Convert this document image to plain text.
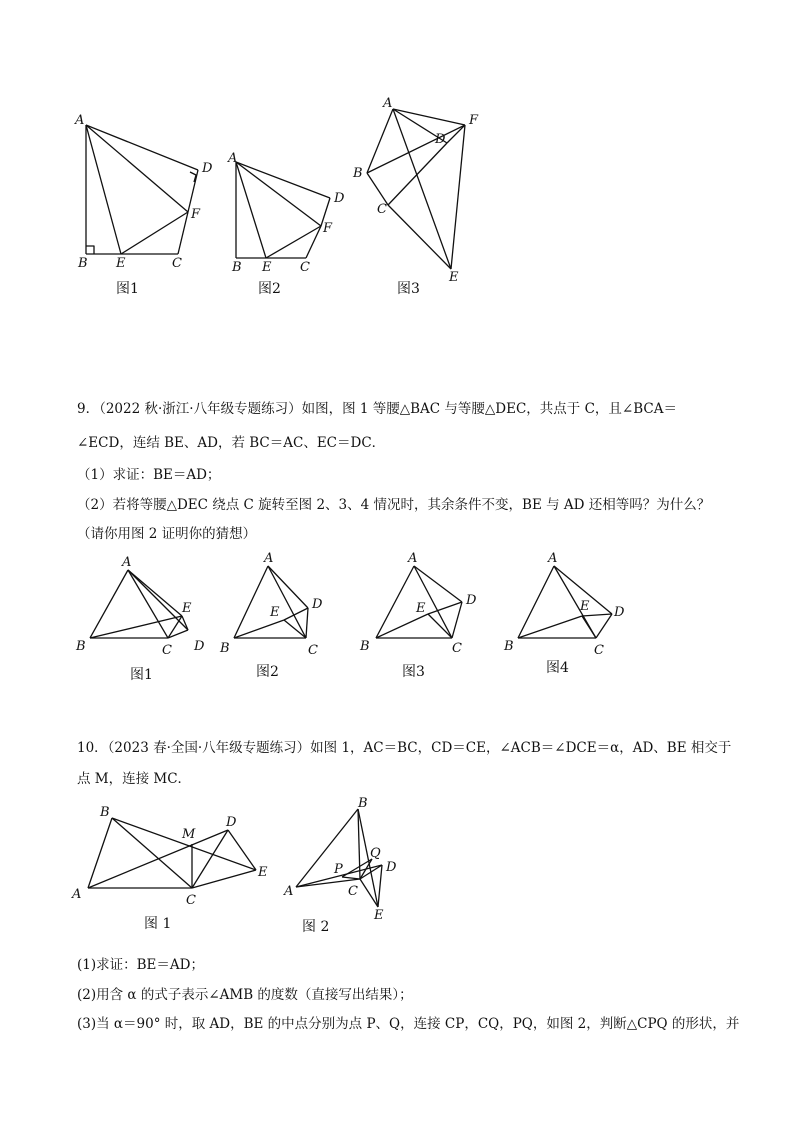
A
D
F
B E	C
图1
A
D
F
B E C
图2
A
F
D
B
C
E
图3
9．（2022 秋·浙江·八年级专题练习）如图，图 1 等腰△BAC 与等腰△DEC，共点于 C，且∠BCA＝
∠ECD，连结 BE、AD，若 BC＝AC、EC＝DC．
（1）求证：BE＝AD；
（2）若将等腰△DEC 绕点 C 旋转至图 2、3、4 情况时，其余条件不变，BE 与 AD 还相等吗？为什么？
（请你用图 2 证明你的猜想）
A
E
B	C D
图1
A
D
E
B	C
图2
A
D
E
B	C
图3
A
E D
B	C
图4
10．（2023 春·全国·八年级专题练习）如图 1，AC＝BC，CD＝CE，∠ACB＝∠DCE＝α，AD、BE 相交于
点 M，连接 MC．
B
M
D
E
A	C
图 1
B
Q
D
P
A	C
E
图 2
(1)求证：BE＝AD；
(2)用含 α 的式子表示∠AMB 的度数（直接写出结果）；
(3)当 α＝90° 时，取 AD，BE 的中点分别为点 P、Q，连接 CP，CQ，PQ，如图 2，判断△CPQ 的形状，并
